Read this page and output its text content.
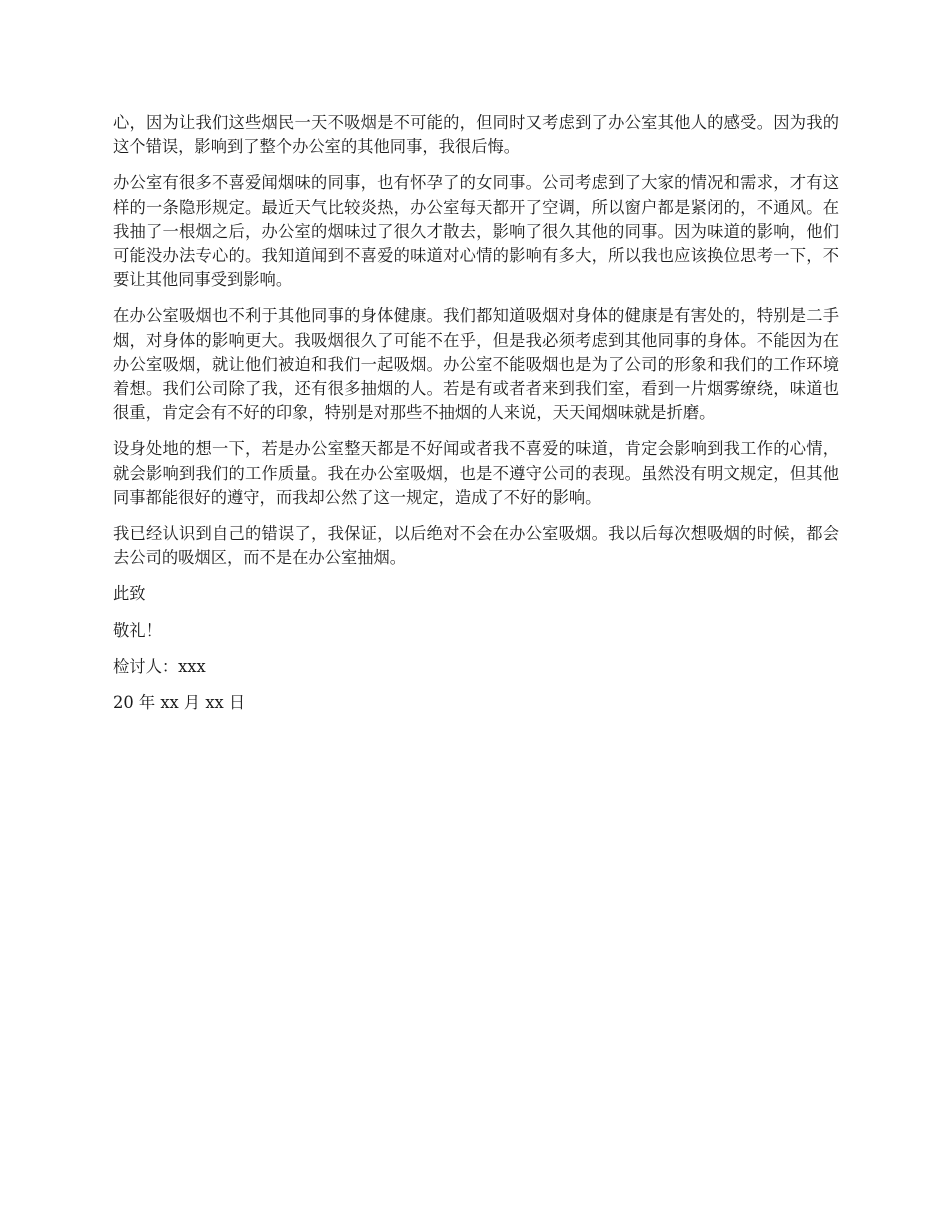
心，因为让我们这些烟民一天不吸烟是不可能的，但同时又考虑到了办公室其他人的感受。因为我的这个错误，影响到了整个办公室的其他同事，我很后悔。

办公室有很多不喜爱闻烟味的同事，也有怀孕了的女同事。公司考虑到了大家的情况和需求，才有这样的一条隐形规定。最近天气比较炎热，办公室每天都开了空调，所以窗户都是紧闭的，不通风。在我抽了一根烟之后，办公室的烟味过了很久才散去，影响了很久其他的同事。因为味道的影响，他们可能没办法专心的。我知道闻到不喜爱的味道对心情的影响有多大，所以我也应该换位思考一下，不要让其他同事受到影响。

在办公室吸烟也不利于其他同事的身体健康。我们都知道吸烟对身体的健康是有害处的，特别是二手烟，对身体的影响更大。我吸烟很久了可能不在乎，但是我必须考虑到其他同事的身体。不能因为在办公室吸烟，就让他们被迫和我们一起吸烟。办公室不能吸烟也是为了公司的形象和我们的工作环境着想。我们公司除了我，还有很多抽烟的人。若是有或者者来到我们室，看到一片烟雾缭绕，味道也很重，肯定会有不好的印象，特别是对那些不抽烟的人来说，天天闻烟味就是折磨。

设身处地的想一下，若是办公室整天都是不好闻或者我不喜爱的味道，肯定会影响到我工作的心情，就会影响到我们的工作质量。我在办公室吸烟，也是不遵守公司的表现。虽然没有明文规定，但其他同事都能很好的遵守，而我却公然了这一规定，造成了不好的影响。

我已经认识到自己的错误了，我保证，以后绝对不会在办公室吸烟。我以后每次想吸烟的时候，都会去公司的吸烟区，而不是在办公室抽烟。

此致

敬礼！

检讨人：xxx

20 年 xx 月 xx 日
